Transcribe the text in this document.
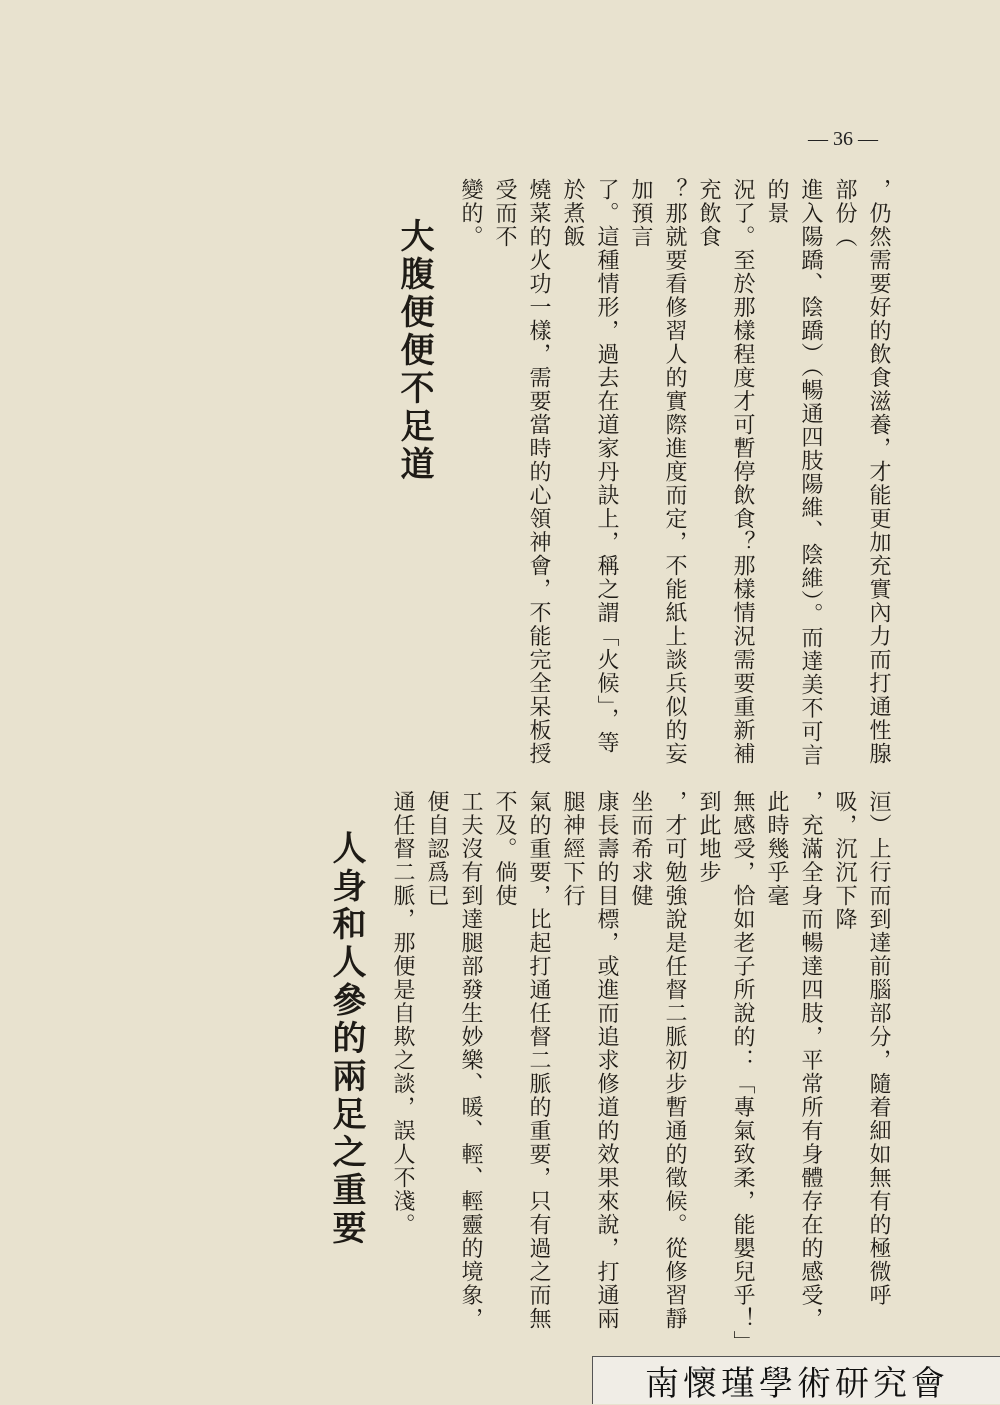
— 36 —
，仍然需要好的飲食滋養，才能更加充實內力而打通性腺部份（
進入陽蹻、陰蹻）（暢通四肢陽維、陰維）。而達美不可言的景
況了。至於那樣程度才可暫停飲食？那樣情況需要重新補充飲食
？那就要看修習人的實際進度而定，不能紙上談兵似的妄加預言
了。這種情形，過去在道家丹訣上，稱之謂「火候」，等於煮飯
燒菜的火功一樣，需要當時的心領神會，不能完全呆板授受而不
變的。
大腹便便不足道
洹）上行而到達前腦部分，隨着細如無有的極微呼吸，沉沉下降
，充滿全身而暢達四肢，平常所有身體存在的感受，此時幾乎毫
無感受，恰如老子所說的：「專氣致柔，能嬰兒乎！」到此地步
，才可勉強說是任督二脈初步暫通的徵候。從修習靜坐而希求健
康長壽的目標，或進而追求修道的效果來說，打通兩腿神經下行
氣的重要，比起打通任督二脈的重要，只有過之而無不及。倘使
工夫沒有到達腿部發生妙樂、暖、輕、輕靈的境象，便自認爲已
通任督二脈，那便是自欺之談，誤人不淺。
人身和人參的兩足之重要
南懷瑾學術研究會
